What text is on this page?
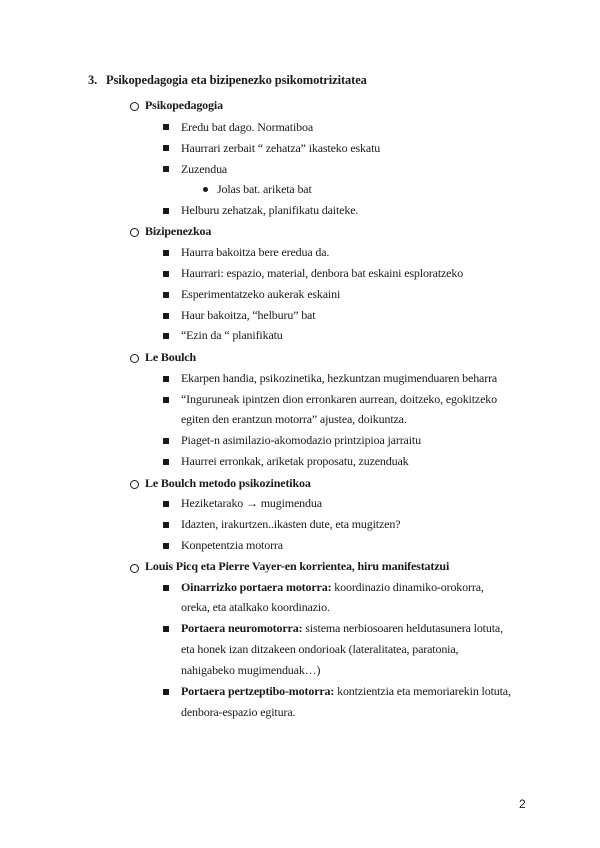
3. Psikopedagogia eta bizipenezko psikomotrizitatea
Psikopedagogia
Eredu bat dago. Normatiboa
Haurrari zerbait “ zehatza” ikasteko eskatu
Zuzendua
Jolas bat. ariketa bat
Helburu zehatzak, planifikatu daiteke.
Bizipenezkoa
Haurra bakoitza bere eredua da.
Haurrari: espazio, material, denbora bat eskaini esploratzeko
Esperimentatzeko aukerak eskaini
Haur bakoitza, “helburu” bat
“Ezin da “ planifikatu
Le Boulch
Ekarpen handia, psikozinetika, hezkuntzan mugimenduaren beharra
“Inguruneak ipintzen dion erronkaren aurrean, doitzeko, egokitzeko
egiten den erantzun motorra” ajustea, doikuntza.
Piaget-n asimilazio-akomodazio printzipioa jarraitu
Haurrei erronkak, ariketak proposatu, zuzenduak
Le Boulch metodo psikozinetikoa
Heziketarako → mugimendua
Idazten, irakurtzen..ikasten dute, eta mugitzen?
Konpetentzia motorra
Louis Picq eta Pierre Vayer-en korrientea, hiru manifestatzui
Oinarrizko portaera motorra: koordinazio dinamiko-orokorra,
oreka, eta atalkako koordinazio.
Portaera neuromotorra: sistema nerbiosoaren heldutasunera lotuta,
eta honek izan ditzakeen ondorioak (lateralitatea, paratonia,
nahigabeko mugimenduak…)
Portaera pertzeptibo-motorra: kontzientzia eta memoriarekin lotuta,
denbora-espazio egitura.
2
